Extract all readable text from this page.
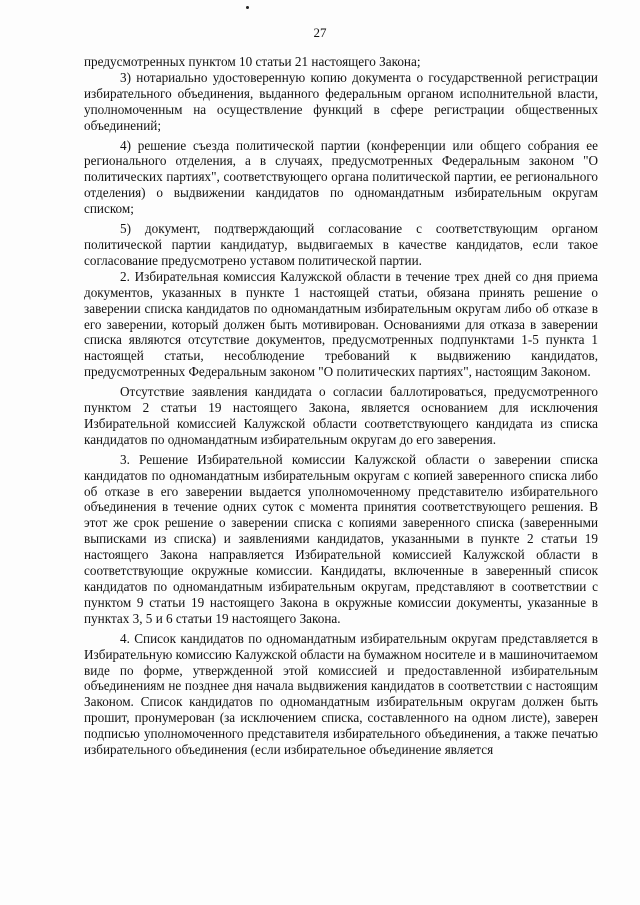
27

предусмотренных пунктом 10 статьи 21 настоящего Закона;

3) нотариально удостоверенную копию документа о государственной регистрации избирательного объединения, выданного федеральным органом исполнительной власти, уполномоченным на осуществление функций в сфере регистрации общественных объединений;

4) решение съезда политической партии (конференции или общего собрания ее регионального отделения, а в случаях, предусмотренных Федеральным законом "О политических партиях", соответствующего органа политической партии, ее регионального отделения) о выдвижении кандидатов по одномандатным избирательным округам списком;

5) документ, подтверждающий согласование с соответствующим органом политической партии кандидатур, выдвигаемых в качестве кандидатов, если такое согласование предусмотрено уставом политической партии.

2. Избирательная комиссия Калужской области в течение трех дней со дня приема документов, указанных в пункте 1 настоящей статьи, обязана принять решение о заверении списка кандидатов по одномандатным избирательным округам либо об отказе в его заверении, который должен быть мотивирован. Основаниями для отказа в заверении списка являются отсутствие документов, предусмотренных подпунктами 1-5 пункта 1 настоящей статьи, несоблюдение требований к выдвижению кандидатов, предусмотренных Федеральным законом "О политических партиях", настоящим Законом.

Отсутствие заявления кандидата о согласии баллотироваться, предусмотренного пунктом 2 статьи 19 настоящего Закона, является основанием для исключения Избирательной комиссией Калужской области соответствующего кандидата из списка кандидатов по одномандатным избирательным округам до его заверения.

3. Решение Избирательной комиссии Калужской области о заверении списка кандидатов по одномандатным избирательным округам с копией заверенного списка либо об отказе в его заверении выдается уполномоченному представителю избирательного объединения в течение одних суток с момента принятия соответствующего решения. В этот же срок решение о заверении списка с копиями заверенного списка (заверенными выписками из списка) и заявлениями кандидатов, указанными в пункте 2 статьи 19 настоящего Закона направляется Избирательной комиссией Калужской области в соответствующие окружные комиссии. Кандидаты, включенные в заверенный список кандидатов по одномандатным избирательным округам, представляют в соответствии с пунктом 9 статьи 19 настоящего Закона в окружные комиссии документы, указанные в пунктах 3, 5 и 6 статьи 19 настоящего Закона.

4. Список кандидатов по одномандатным избирательным округам представляется в Избирательную комиссию Калужской области на бумажном носителе и в машиночитаемом виде по форме, утвержденной этой комиссией и предоставленной избирательным объединениям не позднее дня начала выдвижения кандидатов в соответствии с настоящим Законом. Список кандидатов по одномандатным избирательным округам должен быть прошит, пронумерован (за исключением списка, составленного на одном листе), заверен подписью уполномоченного представителя избирательного объединения, а также печатью избирательного объединения (если избирательное объединение является
